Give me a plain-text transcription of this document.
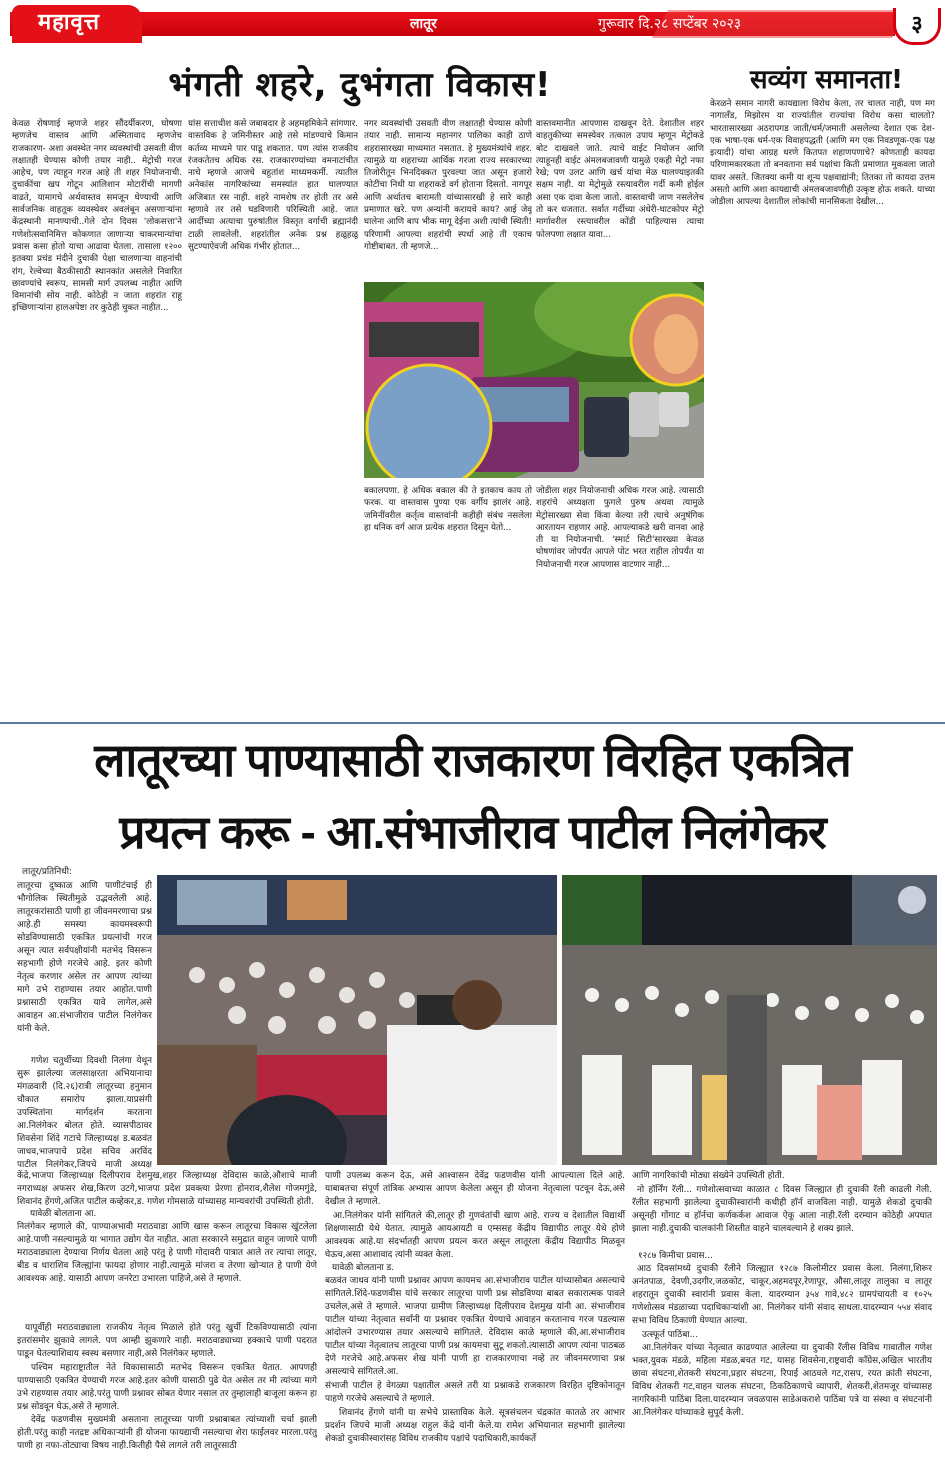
महावृत्त	लातूर	गुरूवार दि.२८ सप्टेंबर २०२३	३
भंगती शहरे, दुभंगता विकास!
केवळ रोषणाई म्हणजे शहर सौंदर्यीकरण, घोषणा म्हणजेच वास्तव आणि अस्मितावाद म्हणजेच राजकारण- अशा अवस्थेत नगर व्यवस्थांची उसवती वीण लक्षातही घेण्यास कोणी तयार नाही.. मेट्रोची गरज आहेच, पण त्याहून गरज आहे ती शहर नियोजनाची. दुचाकींचा खप गोटून आलिशान मोटारींची मागणी वाढते, यामागचे अर्थवास्तव समजून घेण्याची आणि सार्वजनिक वाहतूक व्यवस्थेवर अवलंबून असणाऱ्यांना केंद्रस्थानी मानण्याची..गेले दोन दिवस 'लोकसत्ता'ने गणेशोत्सवानिमित्त कोकणात जाणाऱ्या चाकरमान्यांचा प्रवास कसा होतो याचा आढावा घेतला. तासाला १२०० इतक्या प्रचंड मंदीने दुचाकी पेक्षा चालणाऱ्या वाहनांची रांग, रेल्वेच्या बैठकीसाठी स्थानकांत असलेले निवारित छावण्यांचे स्वरूप, सामसी मार्ग उपलब्ध नाहीत आणि विमानांची सोय नाही. कोठेही न जाता शहरांत राहू इच्छिणाऱ्यांना हालअपेष्टा तर कुठेही चुकत नाहीत...
यांस सत्ताधीश कसे जबाबदार हे अहमहमिकेने सांगणार. वास्तविक हे जमिनीस्तर आहे तसे मांडण्याचे किमान कर्तव्य माध्यमे पार पाडू शकतात. पण त्यांस राजकीय रंजकतेतच अधिक रस. राजकारण्यांच्या वमनाटांचीत नाचे म्हणजे आजचे बहुतांश माध्यमकर्मी. त्यातील अनेकांस नागरिकांच्या समस्यांत हात घालण्यात अजिबात रस नाही. शहरे नामशेष तर होती तर असे म्हणावे तर तसे घडविणारी परिस्थिती आहे. जात आर्दीच्या अत्याचा पुरुषांतील विस्तृत वर्गाची ब्रह्मानंदी टाळी लावलेली. शहरांतील अनेक प्रश्न हळूहळू सुटण्याऐवजी अधिक गंभीर होतात...
नगर व्यवस्थांची उसवती वीण लक्षातही घेण्यास कोणी तयार नाही. सामान्य महानगर पालिका काही ठाणे शहरासारख्या माध्यमात नसतात. हे मुख्यमंत्र्यांचे शहर. त्यामुळे या शहराच्या आर्थिक गरजा राज्य सरकारच्या तिजोरीतून भिनदिक्कत पुरवल्या जात असून हजारो कोटींचा निधी या शहराकडे वर्ग होताना दिसतो. नागपूर आणि अर्थातच बारामती यांच्यासारखी हे सारे काही प्रमाणात खरे. पण अन्यांनी करायचे काय? आई जेवू घालेना आणि बाप भीक मागू देईना अशी त्यांची स्थिती! परिणामी आपल्या शहरांची स्पर्धा आहे ती एकाच गोष्टीबाबत. ती म्हणजे...
वास्तवमानीत आपणास दाखवून देते. देशातील शहर वाहतुकीच्या समस्येवर तत्काल उपाय म्हणून मेट्रोकडे बोट दाखवले जाते. त्याचे वाईट नियोजन आणि त्याहूनही वाईट अंमलबजावणी यामुळे एकही मेट्रो नफा रेखे; पण उलट आणि खर्च यांचा मेळ घालण्याइतकी सक्षम नाही. या मेट्रोमुळे रस्त्यावरील गर्दी कमी होईल असा एक दावा केला जातो. वास्तवाची जाण नसलेलेच तो कर धजतात. सर्वात गर्दीच्या अंधेरी-घाटकोपर मेट्रो मार्गावरील रस्त्यावरील कोंडी पाहिल्यास त्याचा फोलपणा लक्षात यावा...
बकालपणा. हे अधिक बकाल की ते इतकाच काय तो फरक. या वास्तवास पुण्या एक वर्गीय झालंर आहे. जमिनींवरील कर्तृत्व वास्तवांनी कहीही संबंध नसलेला हा धनिक वर्ग आज प्रत्येक शहरात दिसून येतो...
जोडीला शहर नियोजनाची अधिक गरज आहे. त्यासाठी शहरांचे अध्यक्षता फुगले पुरुष अथवा त्यामुळे मेट्रोसारख्या सेवा किंवा केल्या तरी त्याचे अनुषंगिक आरतायन राहणार आहे. आपल्याकडे खरी वानवा आहे ती या नियोजनाची. 'स्मार्ट सिटी'सारख्या केवळ घोषणांवर जोपर्यंत आपले पोट भरत राहील तोपर्यंत या नियोजनाची गरज आपणास वाटणार नाही...
सव्यंग समानता!
केरळने समान नागरी कायद्याला विरोध केला, तर चालत नाही, पण मग नागालँड, मिझोरम या राज्यांतील राज्यांचा विरोध कसा चालतो? भारतासारख्या अठरापगड जाती/धर्म/जमाती असलेल्या देशात एक देश-एक भाषा-एक धर्म-एक विवाहपद्धती (आणि मग एक निवडणूक-एक पक्ष इत्यादी) यांचा आग्रह धरणे कितपत शहाणपणाचे? कोणताही कायदा परिणामकारकता तो बनवताना सर्व पक्षांचा किती प्रमाणात मुकवला जातो यावर असते. जितक्या कमी या शून्य पक्षवाद्यांनी; तितका तो कायदा उत्तम असतो आणि अशा कायद्याची अंमलबजावणीही उत्कृष्ट होऊ शकते. याच्या जोडीला आपल्या देशातील लोकांची मानसिकता देखील...
लातूरच्या पाण्यासाठी राजकारण विरहित एकत्रित
प्रयत्न करू - आ.संभाजीराव पाटील निलंगेकर
लातूर/प्रतिनिधी:
लातूरचा दुष्काळ आणि पाणीटंचाई ही भौगोलिक स्थितीमुळे उद्भवलेली आहे. लातूरकरांसाठी पाणी हा जीवनमरणाचा प्रश्न आहे.ही समस्या कायमस्वरूपी सोडविण्यासाठी एकत्रित प्रयत्नांची गरज असून त्यात सर्वपक्षीयांनी मतभेद विसरून सहभागी होणे गरजेचे आहे. इतर कोणी नेतृत्व करणार असेल तर आपण त्यांच्या मागे उभे राहण्यास तयार आहोत.पाणी प्रश्नासाठी एकत्रित यावे लागेल,असे आवाहन आ.संभाजीराव पाटील निलंगेकर यांनी केले.
गणेश चतुर्थीच्या दिवशी निलंगा येथून सुरू झालेल्या जलसाक्षरता अभियानाचा मंगळवारी (दि.२६)रात्री लातूरच्या हनुमान चौकात समारोप झाला.याप्रसंगी उपस्थितांना मार्गदर्शन करताना आ.निलंगेकर बोलत होते. व्यासपीठावर शिवसेना शिंदे गटाचे जिल्हाध्यक्ष ड.बळवंत जाधव,भाजपाचे प्रदेश सचिव अरविंद पाटील निलंगेकर,जिपचे माजी अध्यक्ष
केंद्रे,भाजपा जिल्हाध्यक्ष दिलीपराव देशमुख,शहर जिल्हाध्यक्ष देविदास काळे,औशाचे माजी नगराध्यक्ष अफसर शेख,किरण उटगे,भाजपा प्रदेश प्रवक्त्या प्रेरणा होनराव,शैलेश गोजमगुंडे, शिवानंद हेंगणे,अजित पाटील कव्हेकर,ड. गणेश गोमसाळे यांच्यासह मान्यवरांची उपस्थिती होती.
यावेळी बोलताना आ.
निलंगेकर म्हणाले की, पाण्याअभावी मराठवाडा आणि खास करून लातूरचा विकास खुंटलेला आहे.पाणी नसल्यामुळे या भागात उद्योग येत नाहीत. आता सरकारने समुद्रात वाहून जाणारे पाणी मराठवाड्याला देण्याचा निर्णय घेतला आहे परंतु हे पाणी गोदावरी पात्रात आले तर त्याचा लातूर, बीड व धाराशिव जिल्ह्यांना फायदा होणार नाही.त्यामुळे मांजरा व तेरणा खोऱ्यात हे पाणी येणे आवश्यक आहे. यासाठी आपण जनरेटा उभारला पाहिजे,असे ते म्हणाले.
यापूर्वीही मराठवाड्याला राजकीय नेतृत्व मिळाले होते परंतु खुर्ची टिकविण्यासाठी त्यांना इतरांसमोर झुकावे लागले. पण आम्ही झुकणारे नाही. मराठवाड्याच्या हक्काचे पाणी पदरात पाडून घेतल्याशिवाय स्वस्थ बसणार नाही,असे निलंगेकर म्हणाले.
पश्चिम महाराष्ट्रातील नेते विकासासाठी मतभेद विसरून एकत्रित येतात. आपणही पाण्यासाठी एकत्रित येण्याची गरज आहे.इतर कोणी यासाठी पुढे येत असेल तर मी त्यांच्या मागे उभे राहण्यास तयार आहे.परंतु पाणी प्रश्नावर सोबत येणार नसाल तर तुम्हालाही बाजूला करून हा प्रश्न सोडवून घेऊ,असे ते म्हणाले.
देवेंद्र फडणवीस मुख्यमंत्री असताना लातूरच्या पाणी प्रश्नाबाबत त्यांच्याशी चर्चा झाली होती.परंतु काही नतद्रष्ट अधिकाऱ्यांनी ही योजना फायद्याची नसल्याचा शेरा फाईलवर मारला.परंतु पाणी हा नफा-तोट्याचा विषय नाही.कितीही पैसे लागले तरी लातूरसाठी
पाणी उपलब्ध करून देऊ, असे आश्वासन देवेंद्र फडणवीस यांनी आपल्याला दिले आहे. याबाबतचा संपूर्ण तांत्रिक अभ्यास आपण केलेला असून ही योजना नेतृत्वाला पटवून देऊ,असे देखील ते म्हणाले.
आ.निलंगेकर यांनी सांगितले की,लातूर ही गुणवंतांची खाण आहे. राज्य व देशातील विद्यार्थी शिक्षणासाठी येथे येतात. त्यामुळे आयआयटी व एम्ससह केंद्रीय विद्यापीठ लातूर येथे होणे आवश्यक आहे.या संदर्भातही आपण प्रयत्न करत असून लातूरला केंद्रीय विद्यापीठ मिळवून घेऊच,असा आशावाद त्यांनी व्यक्त केला.
यावेळी बोलताना ड.
बळवंत जाधव यांनी पाणी प्रश्नावर आपण कायमच आ.संभाजीराव पाटील यांच्यासोबत असल्याचे सांगितले.शिंदे-फडणवीस यांचे सरकार लातूरचा पाणी प्रश्न सोडविण्या बाबत सकारात्मक पावले उचलेल,असे ते म्हणाले. भाजपा ग्रामीण जिल्हाध्यक्ष दिलीपराव देशमुख यांनी आ. संभाजीराव पाटील यांच्या नेतृत्वात सर्वांनी या प्रश्नावर एकत्रित येण्याचे आवाहन करतानाच गरज पडल्यास आंदोलने उभारण्यास तयार असल्याचे सांगितले. देविदास काळे म्हणाले की,आ.संभाजीराव पाटील यांच्या नेतृत्वातच लातूरचा पाणी प्रश्न कायमचा सुटू शकतो.त्यासाठी आपण त्यांना पाठबळ देणे गरजेचे आहे.अफसर शेख यांनी पाणी हा राजकारणाचा नव्हे तर जीवनमरणाचा प्रश्न असल्याचे सांगितले.आ.
संभाजी पाटील हे वेगळ्या पक्षातील असले तरी या प्रश्नाकडे राजकारण विरहित दृष्टिकोनातून पाहणे गरजेचे असल्याचे ते म्हणाले.
शिवानंद हेंगणे यांनी या सभेचे प्रास्ताविक केले. सूत्रसंचलन चंद्रकांत कातळे तर आभार प्रदर्शन जिपचे माजी अध्यक्ष राहुल केंद्रे यांनी केले.या रामेश अभियानात सहभागी झालेल्या शेकडो दुचाकीस्वारांसह विविध राजकीय पक्षांचे पदाधिकारी,कार्यकर्ते
आणि नागरिकांची मोठ्या संख्येने उपस्थिती होती.
नो हॉर्निंग रॅली... गणेशोत्सवाच्या काळात ८ दिवस जिल्ह्यात ही दुचाकी रॅली काढली गेली. रॅलीत सहभागी झालेल्या दुचाकीस्वारांनी कधीही हॉर्न वाजविला नाही. यामुळे शेकडो दुचाकी असूनही गोंगाट व हॉर्नचा कर्णकर्कश आवाज ऐकू आला नाही.रॅली दरम्यान कोठेही अपघात झाला नाही.दुचाकी चालकांनी शिस्तीत वाहने चालवल्याने हे शक्य झाले.
१२८७ किमीचा प्रवास...
आठ दिवसांमध्ये दुचाकी रॅलीने जिल्ह्यात १२८७ किलोमीटर प्रवास केला. निलंगा,शिरूर अनंतपाळ, देवणी,उदगीर,जळकोट, चाकूर,अहमदपूर,रेणापूर, औसा,लातूर तालुका व लातूर शहरातून दुचाकी स्वारांनी प्रवास केला. यादरम्यान ३५४ गावे,४८२ ग्रामपंचायती व १०२५ गणेशोत्सव मंडळाच्या पदाधिकाऱ्यांशी आ. निलंगेकर यांनी संवाद साधला.यादरम्यान ५५४ संवाद सभा विविध ठिकाणी घेण्यात आल्या.
उत्स्फूर्त पाठिंबा...
आ.निलंगेकर यांच्या नेतृत्वात काढण्यात आलेल्या या दुचाकी रॅलीस विविध गावातील गणेश भक्त,युवक मंडळे, महिला मंडळ,बचत गट, यासह शिवसेना,राष्ट्रवादी कॉंग्रेस,अखिल भारतीय छावा संघटना,शेतकरी संघटना,प्रहार संघटना, रिपाई आठवले गट,रासप, रयत क्रांती संघटना, विविध शेतकरी गट,वाहन चालक संघटना, ठिकठिकाणचे व्यापारी, शेतकरी,शेतमजूर यांच्यासह नागरिकांनी पाठिंबा दिला.यादरम्यान जवळपास साडेअकराशे पाठिंबा पत्रे या संस्था व संघटनांनी आ.निलंगेकर यांच्याकडे सुपूर्द केली.
